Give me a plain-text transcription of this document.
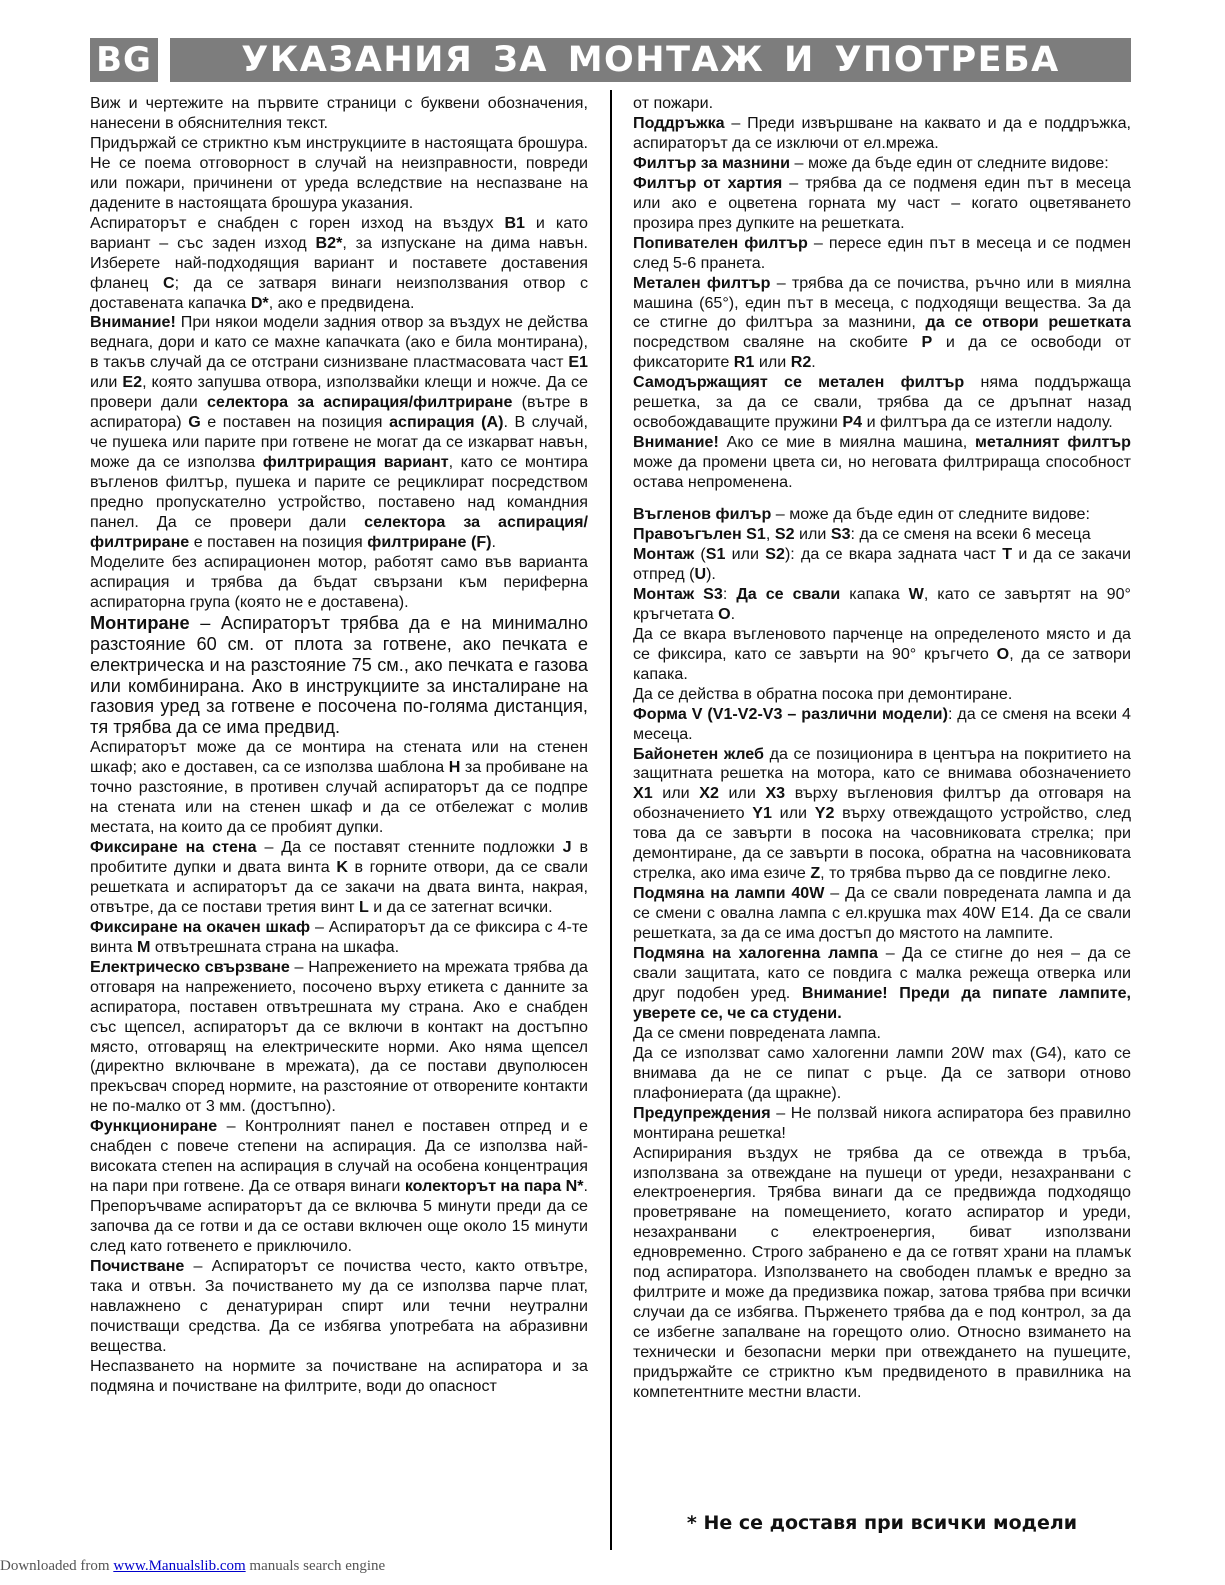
BG	УКАЗАНИЯ ЗА МОНТАЖ И УПОТРЕБА

Виж и чертежите на първите страници с буквени обозначения, нанесени в обяснителния текст.

Придържай се стриктно към инструкциите в настоящата брошура. Не се поема отговорност в случай на неизправности, повреди или пожари, причинени от уреда вследствие на неспазване на дадените в настоящата брошура указания.

Аспираторът е снабден с горен изход на въздух B1 и като вариант – със заден изход B2*, за изпускане на дима навън. Изберете най-подходящия вариант и поставете доставения фланец C; да се затваря винаги неизползвания отвор с доставената капачка D*, ако е предвидена.

Внимание! При някои модели задния отвор за въздух не действа веднага, дори и като се махне капачката (ако е била монтирана), в такъв случай да се отстрани сизнизване пластмасовата част E1 или E2, която запушва отвора, използвайки клещи и ножче. Да се провери дали селектора за аспирация/филтриране (вътре в аспиратора) G е поставен на позиция аспирация (А). В случай, че пушека или парите при готвене не могат да се изкарват навън, може да се използва филтриращия вариант, като се монтира въгленов филтър, пушека и парите се рециклират посредством предно пропускателно устройство, поставено над командния панел. Да се провери дали селектора за аспирация/ филтриране е поставен на позиция филтриране (F).

Моделите без аспирационен мотор, работят само във варианта аспирация и трябва да бъдат свързани към периферна аспираторна група (която не е доставена).

Монтиране – Аспираторът трябва да е на минимално разстояние 60 см. от плота за готвене, ако печката е електрическа и на разстояние 75 см., ако печката е газова или комбинирана. Ако в инструкциите за инсталиране на газовия уред за готвене е посочена по-голяма дистанция, тя трябва да се има предвид.

Аспираторът може да се монтира на стената или на стенен шкаф; ако е доставен, са се използва шаблона H за пробиване на точно разстояние, в противен случай аспираторът да се подпре на стената или на стенен шкаф и да се отбележат с молив местата, на които да се пробият дупки.

Фиксиране на стена – Да се поставят стенните подложки J в пробитите дупки и двата винта K в горните отвори, да се свали решетката и аспираторът да се закачи на двата винта, накрая, отвътре, да се постави третия винт L и да се затегнат всички.

Фиксиране на окачен шкаф – Аспираторът да се фиксира с 4-те винта M отвътрешната страна на шкафа.

Електрическо свързване – Напрежението на мрежата трябва да отговаря на напрежението, посочено върху етикета с данните за аспиратора, поставен отвътрешната му страна. Ако е снабден със щепсел, аспираторът да се включи в контакт на достъпно място, отговарящ на електрическите норми. Ако няма щепсел (директно включване в мрежата), да се постави двуполюсен прекъсвач според нормите, на разстояние от отворените контакти не по-малко от 3 мм. (достъпно).

Функциониране – Контролният панел е поставен отпред и е снабден с повече степени на аспирация. Да се използва най-високата степен на аспирация в случай на особена концентрация на пари при готвене. Да се отваря винаги колекторът на пара N*. Препоръчваме аспираторът да се включва 5 минути преди да се започва да се готви и да се остави включен още около 15 минути след като готвенето е приключило.

Почистване – Аспираторът се почиства често, както отвътре, така и отвън. За почистването му да се използва парче плат, навлажнено с денатуриран спирт или течни неутрални почистващи средства. Да се избягва употребата на абразивни вещества.

Неспазването на нормите за почистване на аспиратора и за подмяна и почистване на филтрите, води до опасност

от пожари.

Поддръжка – Преди извършване на каквато и да е поддръжка, аспираторът да се изключи от ел.мрежа.

Филтър за мазнини – може да бъде един от следните видове:

Филтър от хартия – трябва да се подменя един път в месеца или ако е оцветена горната му част – когато оцветяването прозира през дупките на решетката.

Попивателен филтър – пересе един път в месеца и се подмен след 5-6 пранета.

Метален филтър – трябва да се почиства, ръчно или в миялна машина (65°), един път в месеца, с подходящи вещества. За да се стигне до филтъра за мазнини, да се отвори решетката посредством сваляне на скобите P и да се освободи от фиксаторите R1 или R2.

Самодържащият се метален филтър няма поддържаща решетка, за да се свали, трябва да се дръпнат назад освобождаващите пружини P4 и филтъра да се изтегли надолу.

Внимание! Ако се мие в миялна машина, металният филтър може да промени цвета си, но неговата филтрираща способност остава непроменена.

Въгленов филър – може да бъде един от следните видове:

Правоъгълен S1, S2 или S3: да се сменя на всеки 6 месеца

Монтаж (S1 или S2): да се вкара задната част T и да се закачи отпред (U).

Монтаж S3: Да се свали капака W, като се завъртят на 90° кръгчетата O.

Да се вкара въгленовото парченце на определеното място и да се фиксира, като се завърти на 90° кръгчето O, да се затвори капака.

Да се действа в обратна посока при демонтиране.

Форма V (V1-V2-V3 – различни модели): да се сменя на всеки 4 месеца.

Байонетен жлеб да се позиционира в центъра на покритието на защитната решетка на мотора, като се внимава обозначението X1 или X2 или X3 върху въгленовия филтър да отговаря на обозначението Y1 или Y2 върху отвеждащото устройство, след това да се завърти в посока на часовниковата стрелка; при демонтиране, да се завърти в посока, обратна на часовниковата стрелка, ако има езиче Z, то трябва първо да се повдигне леко.

Подмяна на лампи 40W – Да се свали повредената лампа и да се смени с овална лампа с ел.крушка max 40W E14. Да се свали решетката, за да се има достъп до мястото на лампите.

Подмяна на халогенна лампа – Да се стигне до нея – да се свали защитата, като се повдига с малка режеща отверка или друг подобен уред. Внимание! Преди да пипате лампите, уверете се, че са студени.

Да се смени повредената лампа.

Да се използват само халогенни лампи 20W max (G4), като се внимава да не се пипат с ръце. Да се затвори отново плафониерата (да щракне).

Предупреждения – Не ползвай никога аспиратора без правилно монтирана решетка!

Аспирирания въздух не трябва да се отвежда в тръба, използвана за отвеждане на пушеци от уреди, незахранвани с електроенергия. Трябва винаги да се предвижда подходящо проветряване на помещението, когато аспиратор и уреди, незахранвани с електроенергия, биват използвани едновременно. Строго забранено е да се готвят храни на пламък под аспиратора. Използването на свободен пламък е вредно за филтрите и може да предизвика пожар, затова трябва при всички случаи да се избягва. Пърженето трябва да е под контрол, за да се избегне запалване на горещото олио. Относно взимането на технически и безопасни мерки при отвеждането на пушеците, придържайте се стриктно към предвиденото в правилника на компетентните местни власти.

* Не се доставя при всички модели
Downloaded from www.Manualslib.com manuals search engine
